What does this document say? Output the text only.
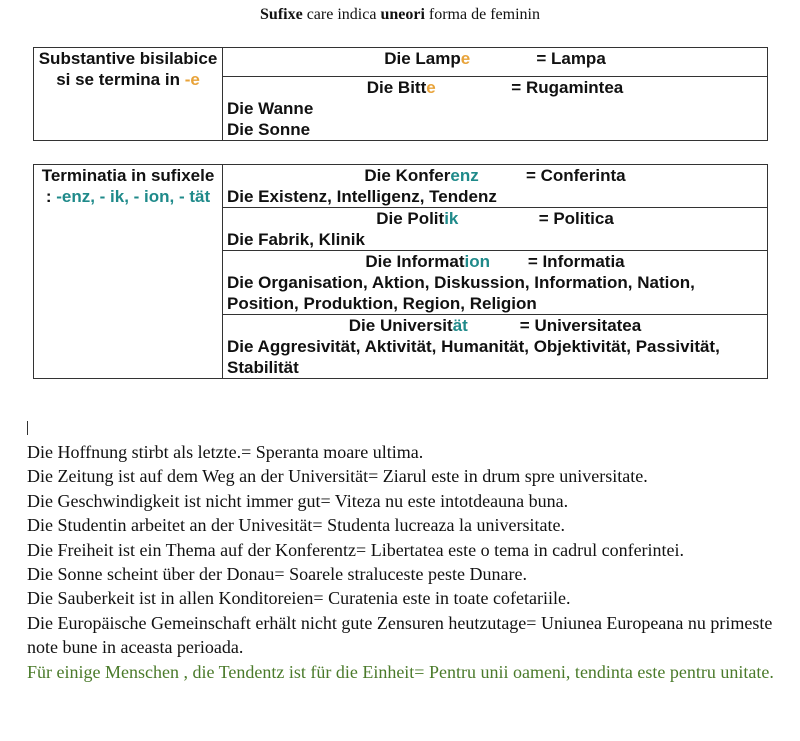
Sufixe care indica uneori forma de feminin
Substantive bisilabice si se termina in -e	
Die Lampe	= Lampa

Die Bitte	= Rugamintea
Die Wanne
Die Sonne
Terminatia in sufixele : -enz, - ik, - ion, - tät	
Die Konferenz	= Conferinta
Die Existenz, Intelligenz, Tendenz

Die Politik	= Politica
Die Fabrik, Klinik

Die Information = Informatia
Die Organisation, Aktion, Diskussion, Information, Nation, Position, Produktion, Region, Religion

Die Universität	= Universitatea
Die Aggresivität, Aktivität, Humanität, Objektivität, Passivität, Stabilität

Die Hoffnung stirbt als letzte.= Speranta moare ultima.

Die Zeitung ist auf dem Weg an der Universität= Ziarul este in drum spre universitate.

Die Geschwindigkeit ist nicht immer gut= Viteza nu este intotdeauna buna.

Die Studentin arbeitet an der Univesität= Studenta lucreaza la universitate.

Die Freiheit ist ein Thema auf der Konferentz= Libertatea este o tema in cadrul conferintei.

Die Sonne scheint über der Donau= Soarele straluceste peste Dunare.

Die Sauberkeit ist in allen Konditoreien= Curatenia este in toate cofetariile.

Die Europäische Gemeinschaft erhält nicht gute Zensuren heutzutage= Uniunea Europeana nu primeste note bune in aceasta perioada.

Für einige Menschen , die Tendentz ist für die Einheit= Pentru unii oameni, tendinta este pentru unitate.
